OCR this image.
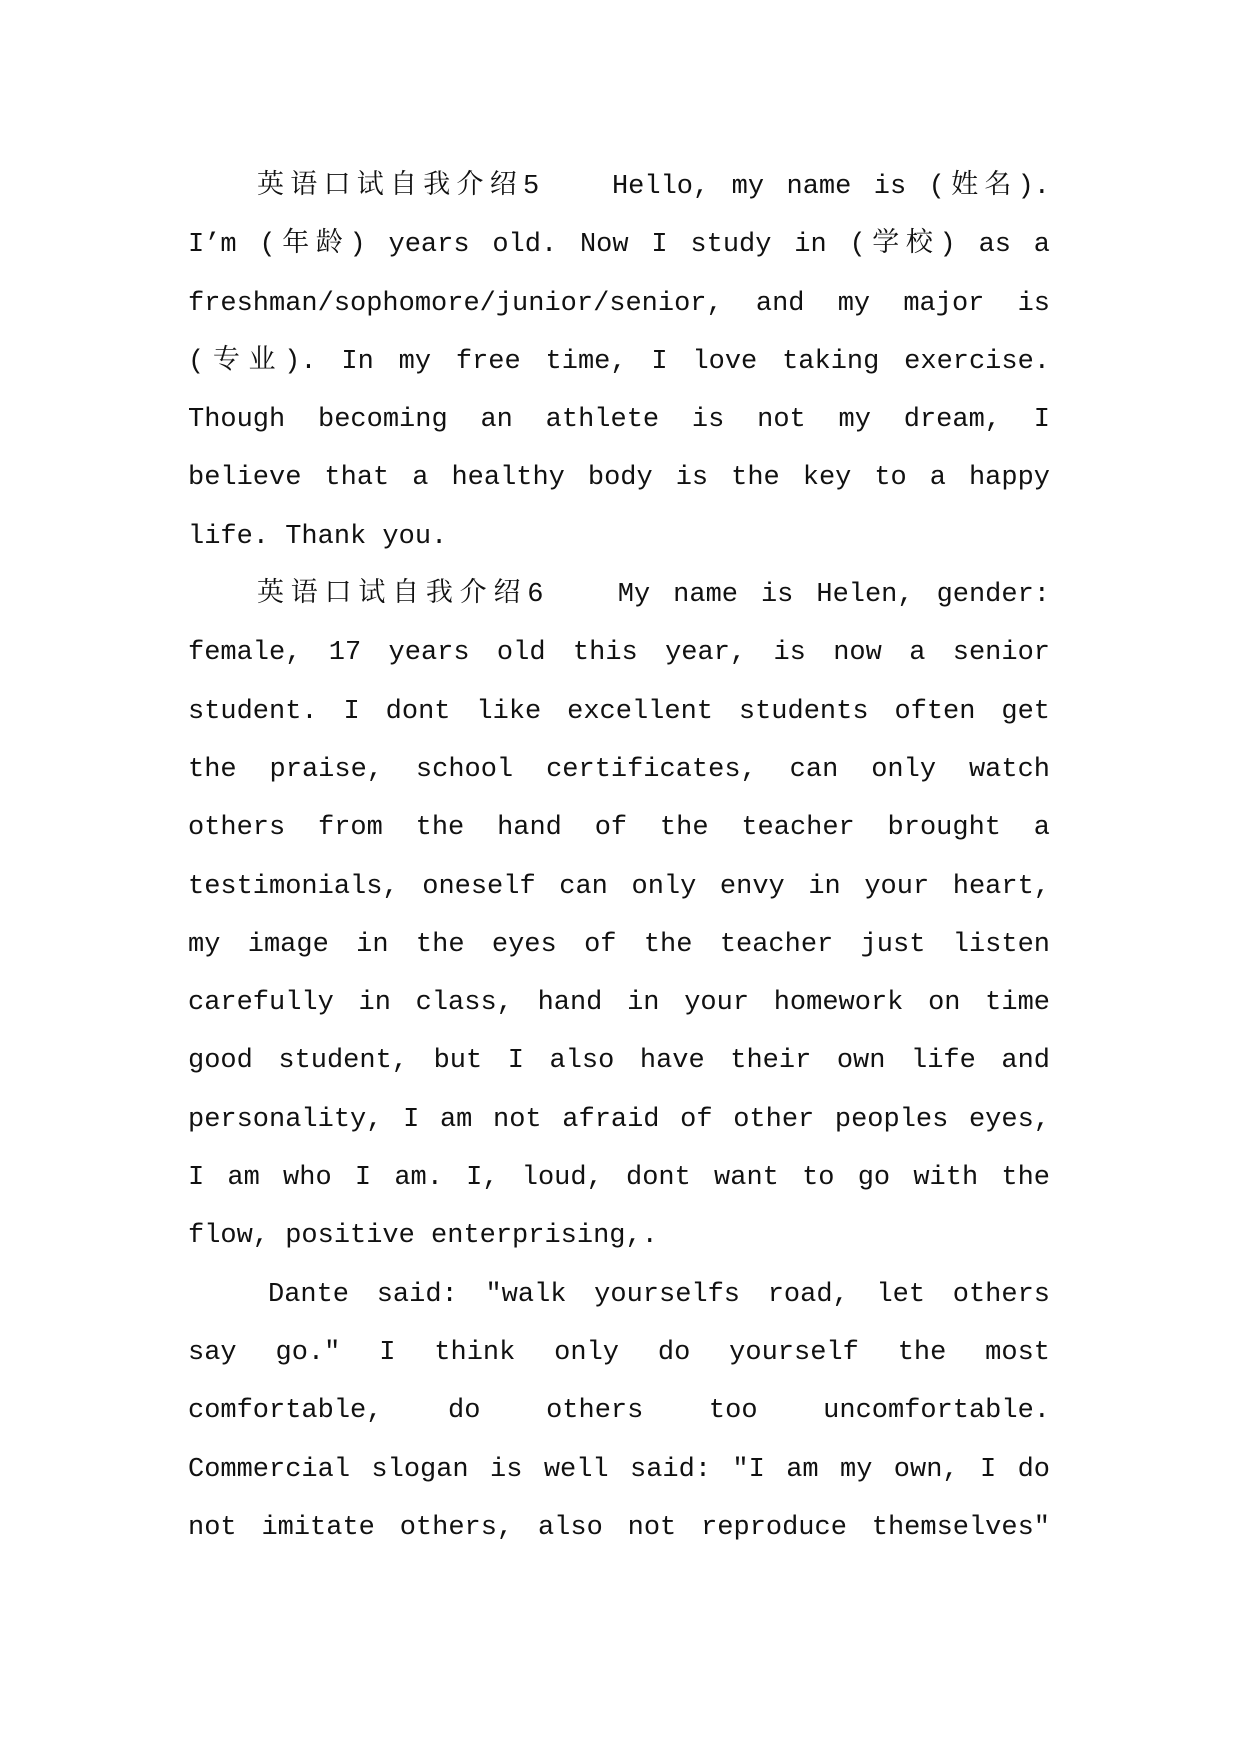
英语口试自我介绍5　　Hello, my name is (姓名).
I’m (年龄) years old. Now I study in (学校) as a
freshman/sophomore/junior/senior, and my major is
(专业). In my free time, I love taking exercise.
Though becoming an athlete is not my dream, I
believe that a healthy body is the key to a happy
life. Thank you.
英语口试自我介绍6　　My name is Helen, gender:
female, 17 years old this year, is now a senior
student. I dont like excellent students often get
the praise, school certificates, can only watch
others from the hand of the teacher brought a
testimonials, oneself can only envy in your heart,
my image in the eyes of the teacher just listen
carefully in class, hand in your homework on time
good student, but I also have their own life and
personality, I am not afraid of other peoples eyes,
I am who I am. I, loud, dont want to go with the
flow, positive enterprising,.
Dante said: "walk yourselfs road, let others
say go." I think only do yourself the most
comfortable, do others too uncomfortable.
Commercial slogan is well said: "I am my own, I do
not imitate others, also not reproduce themselves"
